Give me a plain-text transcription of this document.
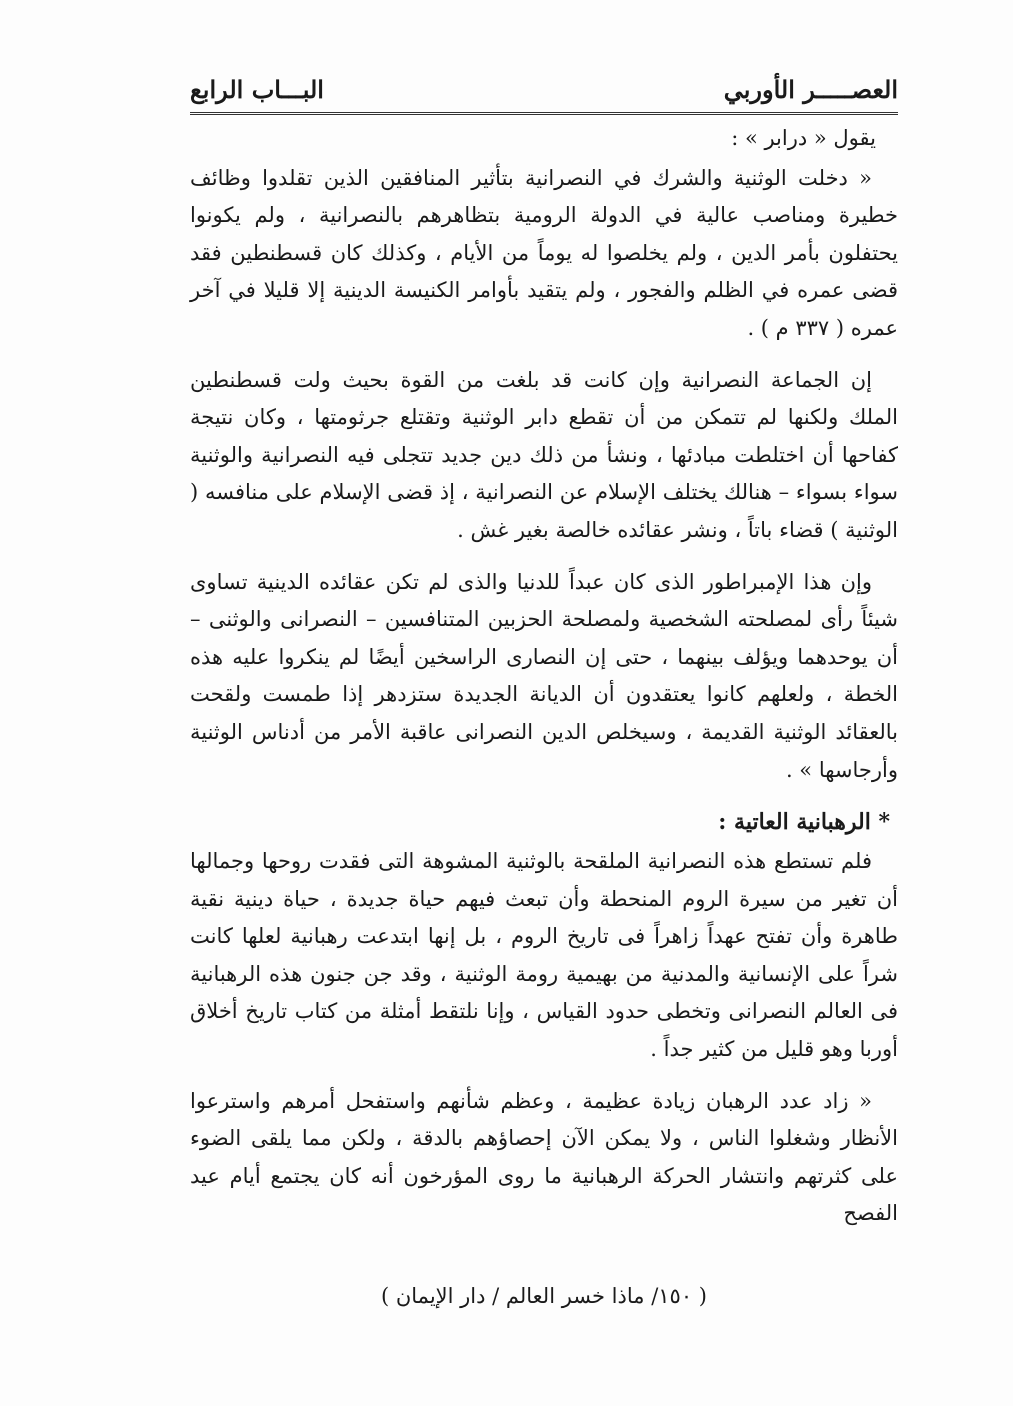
العصـــــر الأوربي
البـــاب الرابع

يقول « درابر » :

« دخلت الوثنية والشرك في النصرانية بتأثير المنافقين الذين تقلدوا وظائف خطيرة ومناصب عالية في الدولة الرومية بتظاهرهم بالنصرانية ، ولم يكونوا يحتفلون بأمر الدين ، ولم يخلصوا له يوماً من الأيام ، وكذلك كان قسطنطين فقد قضى عمره في الظلم والفجور ، ولم يتقيد بأوامر الكنيسة الدينية إلا قليلا في آخر عمره ( ٣٣٧ م ) .

إن الجماعة النصرانية وإن كانت قد بلغت من القوة بحيث ولت قسطنطين الملك ولكنها لم تتمكن من أن تقطع دابر الوثنية وتقتلع جرثومتها ، وكان نتيجة كفاحها أن اختلطت مبادئها ، ونشأ من ذلك دين جديد تتجلى فيه النصرانية والوثنية سواء بسواء – هنالك يختلف الإسلام عن النصرانية ، إذ قضى الإسلام على منافسه ( الوثنية ) قضاء باتاً ، ونشر عقائده خالصة بغير غش .

وإن هذا الإمبراطور الذى كان عبداً للدنيا والذى لم تكن عقائده الدينية تساوى شيئاً رأى لمصلحته الشخصية ولمصلحة الحزبين المتنافسين – النصرانى والوثنى – أن يوحدهما ويؤلف بينهما ، حتى إن النصارى الراسخين أيضًا لم ينكروا عليه هذه الخطة ، ولعلهم كانوا يعتقدون أن الديانة الجديدة ستزدهر إذا طمست ولقحت بالعقائد الوثنية القديمة ، وسيخلص الدين النصرانى عاقبة الأمر من أدناس الوثنية وأرجاسها » .

* الرهبانية العاتية :

فلم تستطع هذه النصرانية الملقحة بالوثنية المشوهة التى فقدت روحها وجمالها أن تغير من سيرة الروم المنحطة وأن تبعث فيهم حياة جديدة ، حياة دينية نقية طاهرة وأن تفتح عهداً زاهراً فى تاريخ الروم ، بل إنها ابتدعت رهبانية لعلها كانت شراً على الإنسانية والمدنية من بهيمية رومة الوثنية ، وقد جن جنون هذه الرهبانية فى العالم النصرانى وتخطى حدود القياس ، وإنا نلتقط أمثلة من كتاب تاريخ أخلاق أوربا وهو قليل من كثير جداً .

« زاد عدد الرهبان زيادة عظيمة ، وعظم شأنهم واستفحل أمرهم واسترعوا الأنظار وشغلوا الناس ، ولا يمكن الآن إحصاؤهم بالدقة ، ولكن مما يلقى الضوء على كثرتهم وانتشار الحركة الرهبانية ما روى المؤرخون أنه كان يجتمع أيام عيد الفصح

( ١٥٠/ ماذا خسر العالم / دار الإيمان )
